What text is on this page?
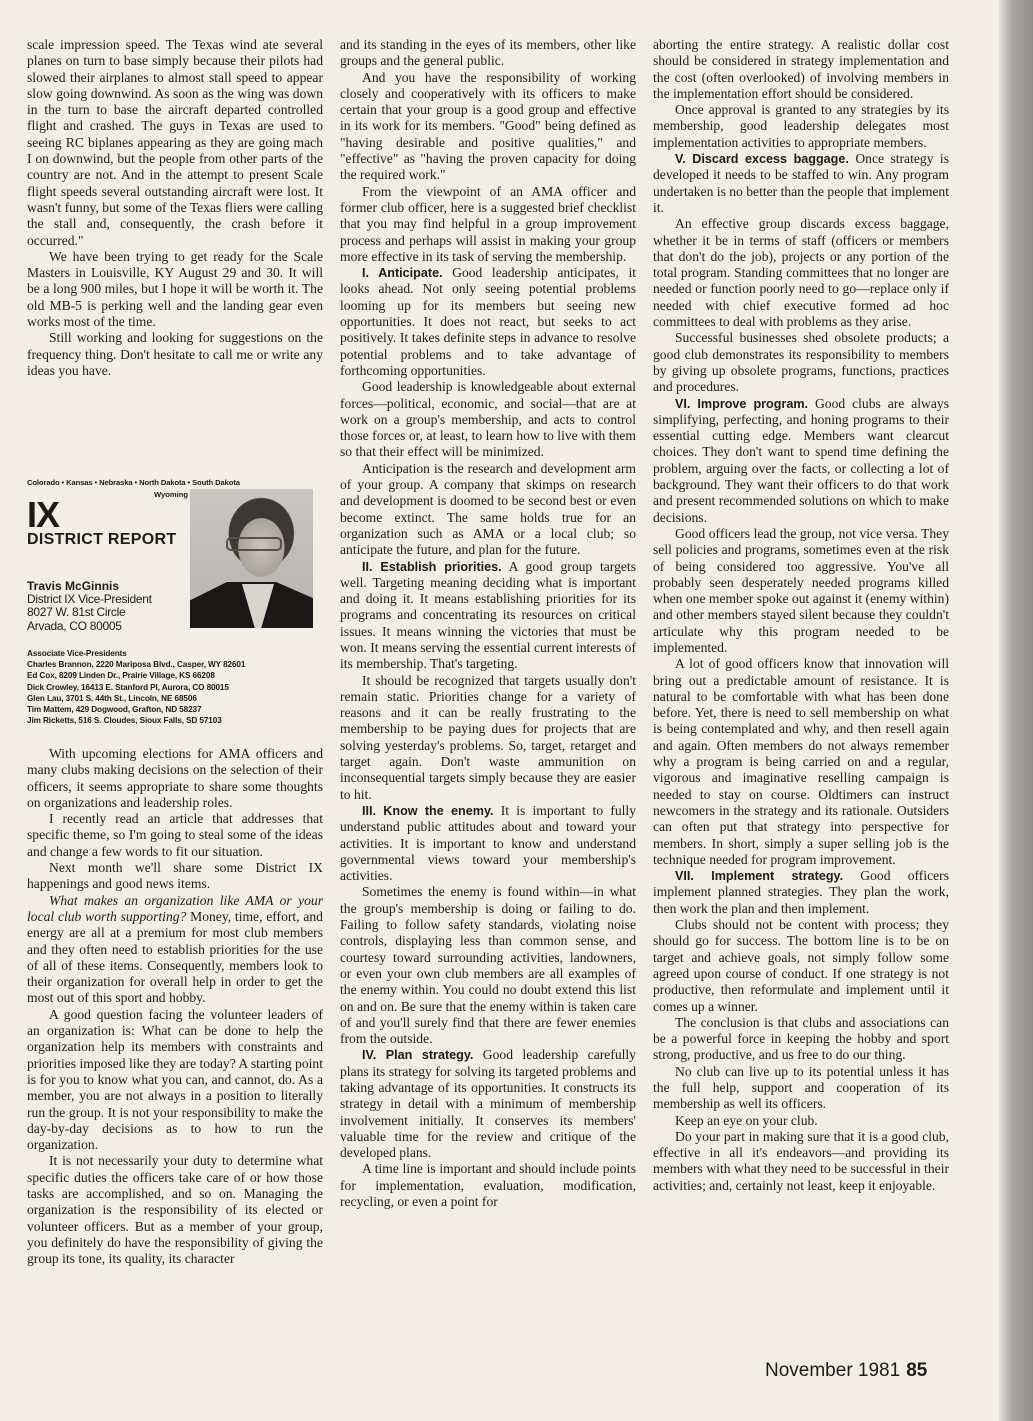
scale impression speed. The Texas wind ate several planes on turn to base simply because their pilots had slowed their airplanes to almost stall speed to appear slow going downwind. As soon as the wing was down in the turn to base the aircraft departed controlled flight and crashed. The guys in Texas are used to seeing RC biplanes appearing as they are going mach I on downwind, but the people from other parts of the country are not. And in the attempt to present Scale flight speeds several outstanding aircraft were lost. It wasn't funny, but some of the Texas fliers were calling the stall and, consequently, the crash before it occurred."

We have been trying to get ready for the Scale Masters in Louisville, KY August 29 and 30. It will be a long 900 miles, but I hope it will be worth it. The old MB-5 is perking well and the landing gear even works most of the time.

Still working and looking for suggestions on the frequency thing. Don't hesitate to call me or write any ideas you have.

Colorado • Kansas • Nebraska • North Dakota • South Dakota
Wyoming
IX
DISTRICT REPORT
Travis McGinnis
District IX Vice-President
8027 W. 81st Circle
Arvada, CO 80005
Associate Vice-Presidents
Charles Brannon, 2220 Mariposa Blvd., Casper, WY 82601
Ed Cox, 8209 Linden Dr., Prairie Village, KS 66208
Dick Crowley, 16413 E. Stanford Pl, Aurora, CO 80015
Glen Lau, 3701 S. 44th St., Lincoln, NE 68506
Tim Mattem, 429 Dogwood, Grafton, ND 58237
Jim Ricketts, 516 S. Cloudes, Sioux Falls, SD 57103

With upcoming elections for AMA officers and many clubs making decisions on the selection of their officers, it seems appropriate to share some thoughts on organizations and leadership roles.

I recently read an article that addresses that specific theme, so I'm going to steal some of the ideas and change a few words to fit our situation.

Next month we'll share some District IX happenings and good news items.

What makes an organization like AMA or your local club worth supporting? Money, time, effort, and energy are all at a premium for most club members and they often need to establish priorities for the use of all of these items. Consequently, members look to their organization for overall help in order to get the most out of this sport and hobby.

A good question facing the volunteer leaders of an organization is: What can be done to help the organization help its members with constraints and priorities imposed like they are today? A starting point is for you to know what you can, and cannot, do. As a member, you are not always in a position to literally run the group. It is not your responsibility to make the day-by-day decisions as to how to run the organization.

It is not necessarily your duty to determine what specific duties the officers take care of or how those tasks are accomplished, and so on. Managing the organization is the responsibility of its elected or volunteer officers. But as a member of your group, you definitely do have the responsibility of giving the group its tone, its quality, its character

and its standing in the eyes of its members, other like groups and the general public.

And you have the responsibility of working closely and cooperatively with its officers to make certain that your group is a good group and effective in its work for its members. "Good" being defined as "having desirable and positive qualities," and "effective" as "having the proven capacity for doing the required work."

From the viewpoint of an AMA officer and former club officer, here is a suggested brief checklist that you may find helpful in a group improvement process and perhaps will assist in making your group more effective in its task of serving the membership.

I. Anticipate. Good leadership anticipates, it looks ahead. Not only seeing potential problems looming up for its members but seeing new opportunities. It does not react, but seeks to act positively. It takes definite steps in advance to resolve potential problems and to take advantage of forthcoming opportunities.

Good leadership is knowledgeable about external forces—political, economic, and social—that are at work on a group's membership, and acts to control those forces or, at least, to learn how to live with them so that their effect will be minimized.

Anticipation is the research and development arm of your group. A company that skimps on research and development is doomed to be second best or even become extinct. The same holds true for an organization such as AMA or a local club; so anticipate the future, and plan for the future.

II. Establish priorities. A good group targets well. Targeting meaning deciding what is important and doing it. It means establishing priorities for its programs and concentrating its resources on critical issues. It means winning the victories that must be won. It means serving the essential current interests of its membership. That's targeting.

It should be recognized that targets usually don't remain static. Priorities change for a variety of reasons and it can be really frustrating to the membership to be paying dues for projects that are solving yesterday's problems. So, target, retarget and target again. Don't waste ammunition on inconsequential targets simply because they are easier to hit.

III. Know the enemy. It is important to fully understand public attitudes about and toward your activities. It is important to know and understand governmental views toward your membership's activities.

Sometimes the enemy is found within—in what the group's membership is doing or failing to do. Failing to follow safety standards, violating noise controls, displaying less than common sense, and courtesy toward surrounding activities, landowners, or even your own club members are all examples of the enemy within. You could no doubt extend this list on and on. Be sure that the enemy within is taken care of and you'll surely find that there are fewer enemies from the outside.

IV. Plan strategy. Good leadership carefully plans its strategy for solving its targeted problems and taking advantage of its opportunities. It constructs its strategy in detail with a minimum of membership involvement initially. It conserves its members' valuable time for the review and critique of the developed plans.

A time line is important and should include points for implementation, evaluation, modification, recycling, or even a point for

aborting the entire strategy. A realistic dollar cost should be considered in strategy implementation and the cost (often overlooked) of involving members in the implementation effort should be considered.

Once approval is granted to any strategies by its membership, good leadership delegates most implementation activities to appropriate members.

V. Discard excess baggage. Once strategy is developed it needs to be staffed to win. Any program undertaken is no better than the people that implement it.

An effective group discards excess baggage, whether it be in terms of staff (officers or members that don't do the job), projects or any portion of the total program. Standing committees that no longer are needed or function poorly need to go—replace only if needed with chief executive formed ad hoc committees to deal with problems as they arise.

Successful businesses shed obsolete products; a good club demonstrates its responsibility to members by giving up obsolete programs, functions, practices and procedures.

VI. Improve program. Good clubs are always simplifying, perfecting, and honing programs to their essential cutting edge. Members want clearcut choices. They don't want to spend time defining the problem, arguing over the facts, or collecting a lot of background. They want their officers to do that work and present recommended solutions on which to make decisions.

Good officers lead the group, not vice versa. They sell policies and programs, sometimes even at the risk of being considered too aggressive. You've all probably seen desperately needed programs killed when one member spoke out against it (enemy within) and other members stayed silent because they couldn't articulate why this program needed to be implemented.

A lot of good officers know that innovation will bring out a predictable amount of resistance. It is natural to be comfortable with what has been done before. Yet, there is need to sell membership on what is being contemplated and why, and then resell again and again. Often members do not always remember why a program is being carried on and a regular, vigorous and imaginative reselling campaign is needed to stay on course. Oldtimers can instruct newcomers in the strategy and its rationale. Outsiders can often put that strategy into perspective for members. In short, simply a super selling job is the technique needed for program improvement.

VII. Implement strategy. Good officers implement planned strategies. They plan the work, then work the plan and then implement.

Clubs should not be content with process; they should go for success. The bottom line is to be on target and achieve goals, not simply follow some agreed upon course of conduct. If one strategy is not productive, then reformulate and implement until it comes up a winner.

The conclusion is that clubs and associations can be a powerful force in keeping the hobby and sport strong, productive, and us free to do our thing.

No club can live up to its potential unless it has the full help, support and cooperation of its membership as well its officers.

Keep an eye on your club.

Do your part in making sure that it is a good club, effective in all it's endeavors—and providing its members with what they need to be successful in their activities; and, certainly not least, keep it enjoyable.

November 1981 85
